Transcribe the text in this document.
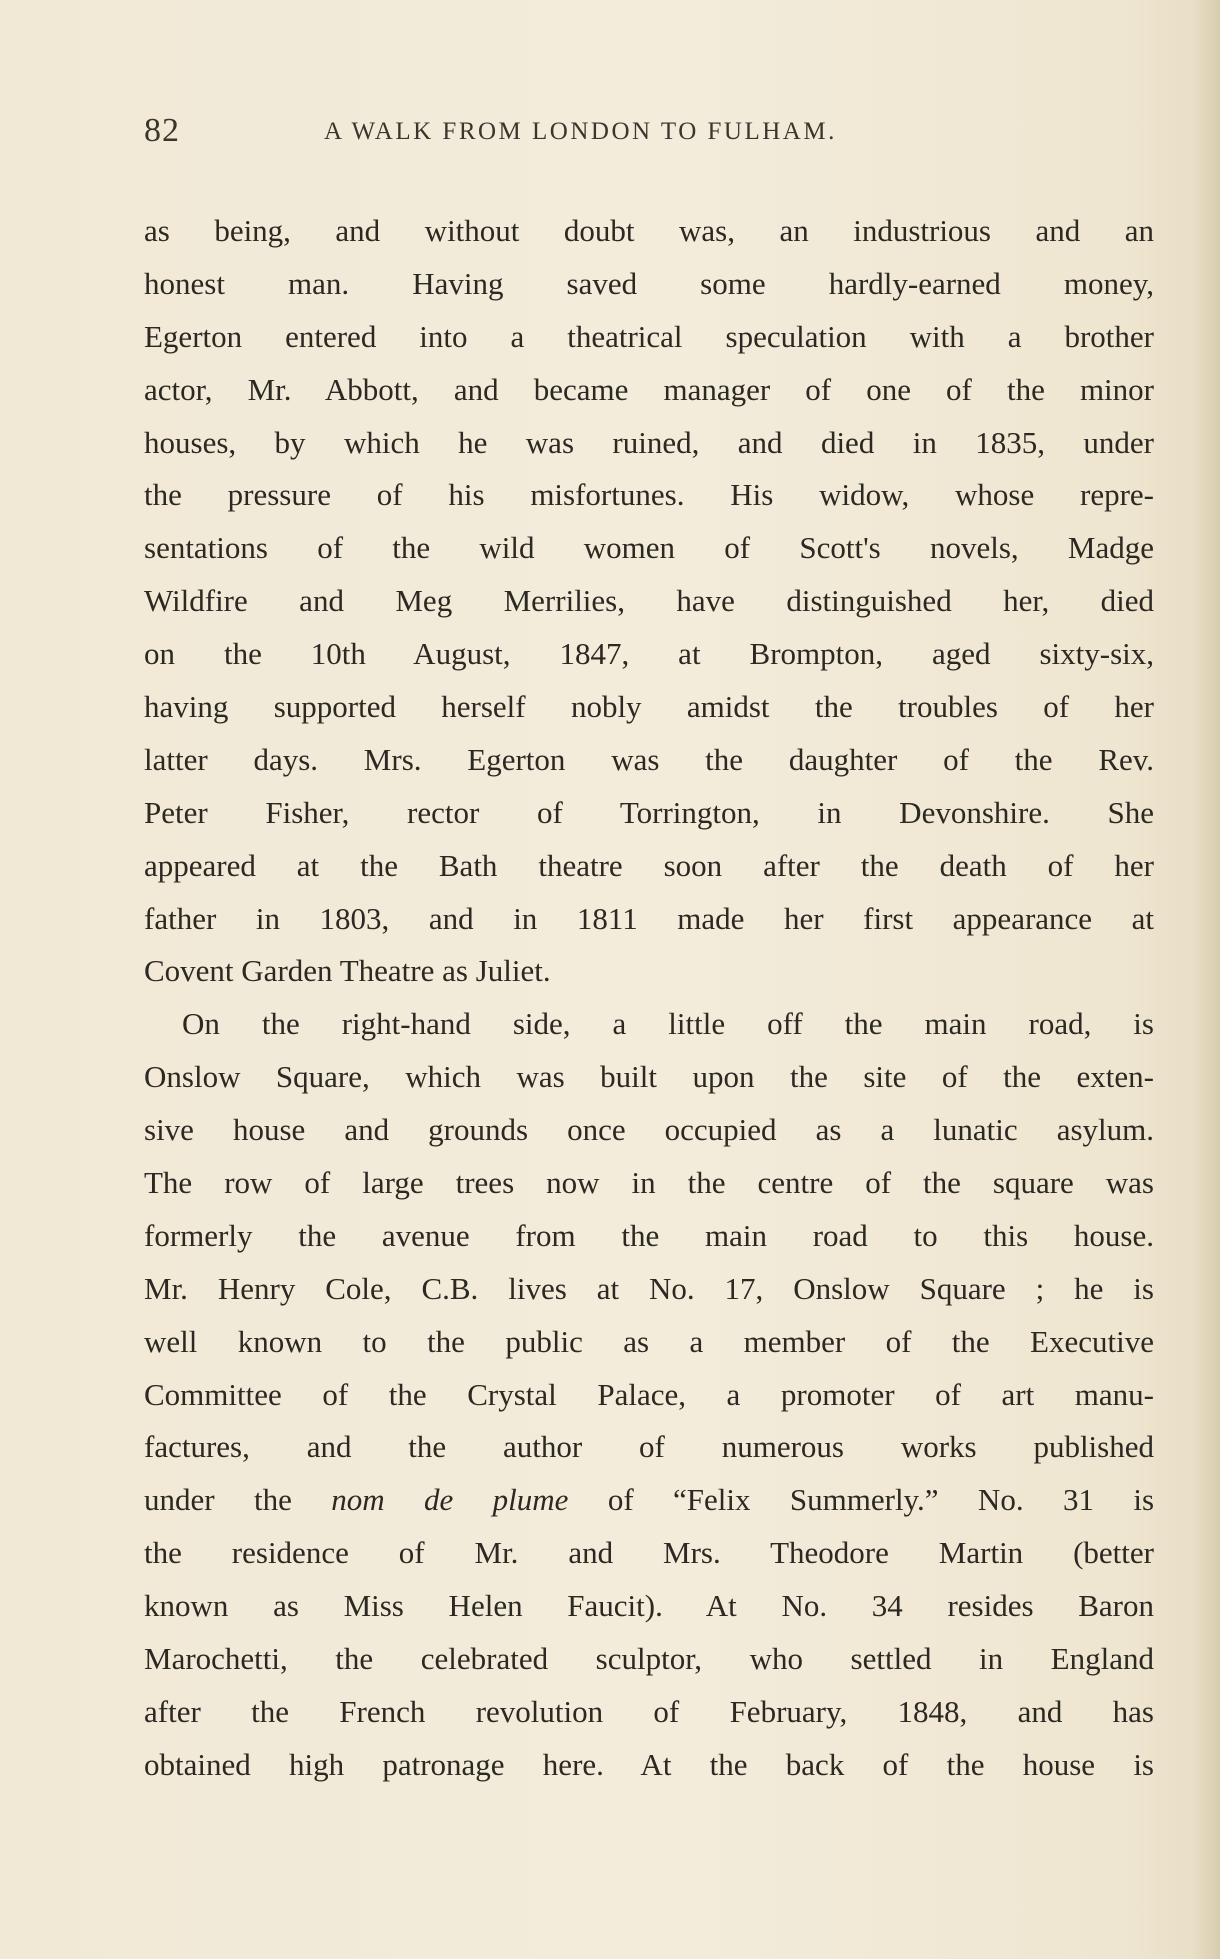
82	A WALK FROM LONDON TO FULHAM.
as being, and without doubt was, an industrious and an
honest man. Having saved some hardly-earned money,
Egerton entered into a theatrical speculation with a brother
actor, Mr. Abbott, and became manager of one of the minor
houses, by which he was ruined, and died in 1835, under
the pressure of his misfortunes. His widow, whose repre-
sentations of the wild women of Scott's novels, Madge
Wildfire and Meg Merrilies, have distinguished her, died
on the 10th August, 1847, at Brompton, aged sixty-six,
having supported herself nobly amidst the troubles of her
latter days. Mrs. Egerton was the daughter of the Rev.
Peter Fisher, rector of Torrington, in Devonshire. She
appeared at the Bath theatre soon after the death of her
father in 1803, and in 1811 made her first appearance at
Covent Garden Theatre as Juliet.
On the right-hand side, a little off the main road, is
Onslow Square, which was built upon the site of the exten-
sive house and grounds once occupied as a lunatic asylum.
The row of large trees now in the centre of the square was
formerly the avenue from the main road to this house.
Mr. Henry Cole, C.B. lives at No. 17, Onslow Square ; he is
well known to the public as a member of the Executive
Committee of the Crystal Palace, a promoter of art manu-
factures, and the author of numerous works published
under the nom de plume of “Felix Summerly.” No. 31 is
the residence of Mr. and Mrs. Theodore Martin (better
known as Miss Helen Faucit). At No. 34 resides Baron
Marochetti, the celebrated sculptor, who settled in England
after the French revolution of February, 1848, and has
obtained high patronage here. At the back of the house is
